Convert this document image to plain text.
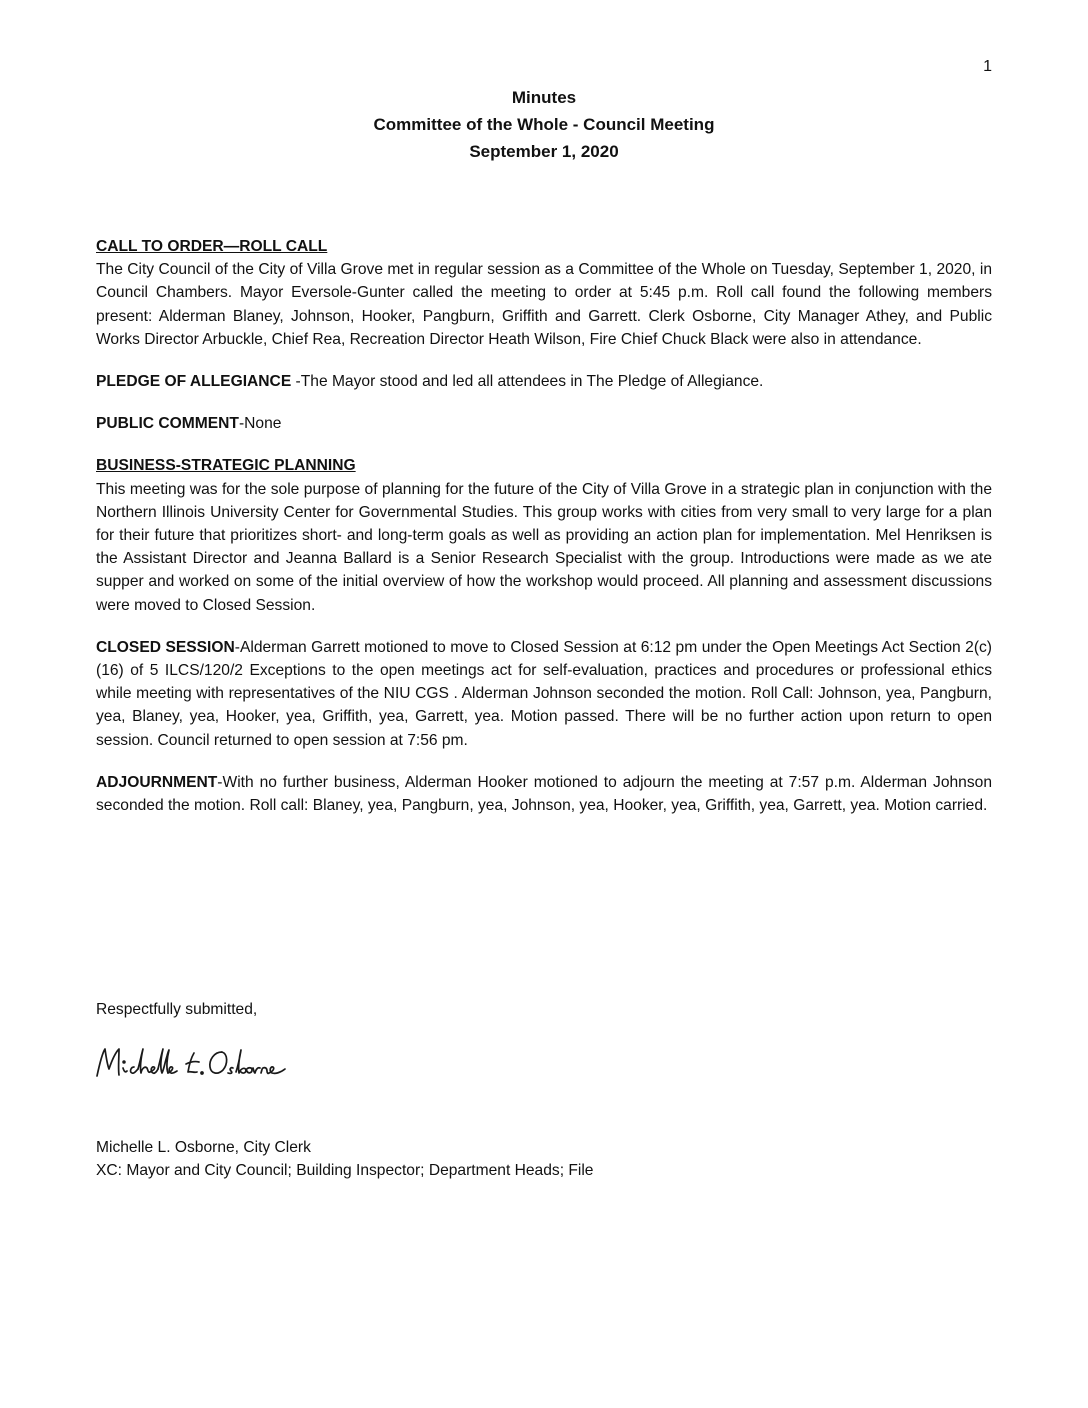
1
Minutes
Committee of the Whole - Council Meeting
September 1, 2020
CALL TO ORDER—ROLL CALL
The City Council of the City of Villa Grove met in regular session as a Committee of the Whole on Tuesday, September 1, 2020, in Council Chambers. Mayor Eversole-Gunter called the meeting to order at 5:45 p.m. Roll call found the following members present: Alderman Blaney, Johnson, Hooker, Pangburn, Griffith and Garrett. Clerk Osborne, City Manager Athey, and Public Works Director Arbuckle, Chief Rea, Recreation Director Heath Wilson, Fire Chief Chuck Black were also in attendance.
PLEDGE OF ALLEGIANCE -The Mayor stood and led all attendees in The Pledge of Allegiance.
PUBLIC COMMENT-None
BUSINESS-STRATEGIC PLANNING
This meeting was for the sole purpose of planning for the future of the City of Villa Grove in a strategic plan in conjunction with the Northern Illinois University Center for Governmental Studies. This group works with cities from very small to very large for a plan for their future that prioritizes short- and long-term goals as well as providing an action plan for implementation. Mel Henriksen is the Assistant Director and Jeanna Ballard is a Senior Research Specialist with the group. Introductions were made as we ate supper and worked on some of the initial overview of how the workshop would proceed. All planning and assessment discussions were moved to Closed Session.
CLOSED SESSION-Alderman Garrett motioned to move to Closed Session at 6:12 pm under the Open Meetings Act Section 2(c)(16) of 5 ILCS/120/2 Exceptions to the open meetings act for self-evaluation, practices and procedures or professional ethics while meeting with representatives of the NIU CGS . Alderman Johnson seconded the motion. Roll Call: Johnson, yea, Pangburn, yea, Blaney, yea, Hooker, yea, Griffith, yea, Garrett, yea. Motion passed. There will be no further action upon return to open session. Council returned to open session at 7:56 pm.
ADJOURNMENT-With no further business, Alderman Hooker motioned to adjourn the meeting at 7:57 p.m. Alderman Johnson seconded the motion. Roll call: Blaney, yea, Pangburn, yea, Johnson, yea, Hooker, yea, Griffith, yea, Garrett, yea. Motion carried.
Respectfully submitted,
Michelle L. Osborne, City Clerk
XC: Mayor and City Council; Building Inspector; Department Heads; File
